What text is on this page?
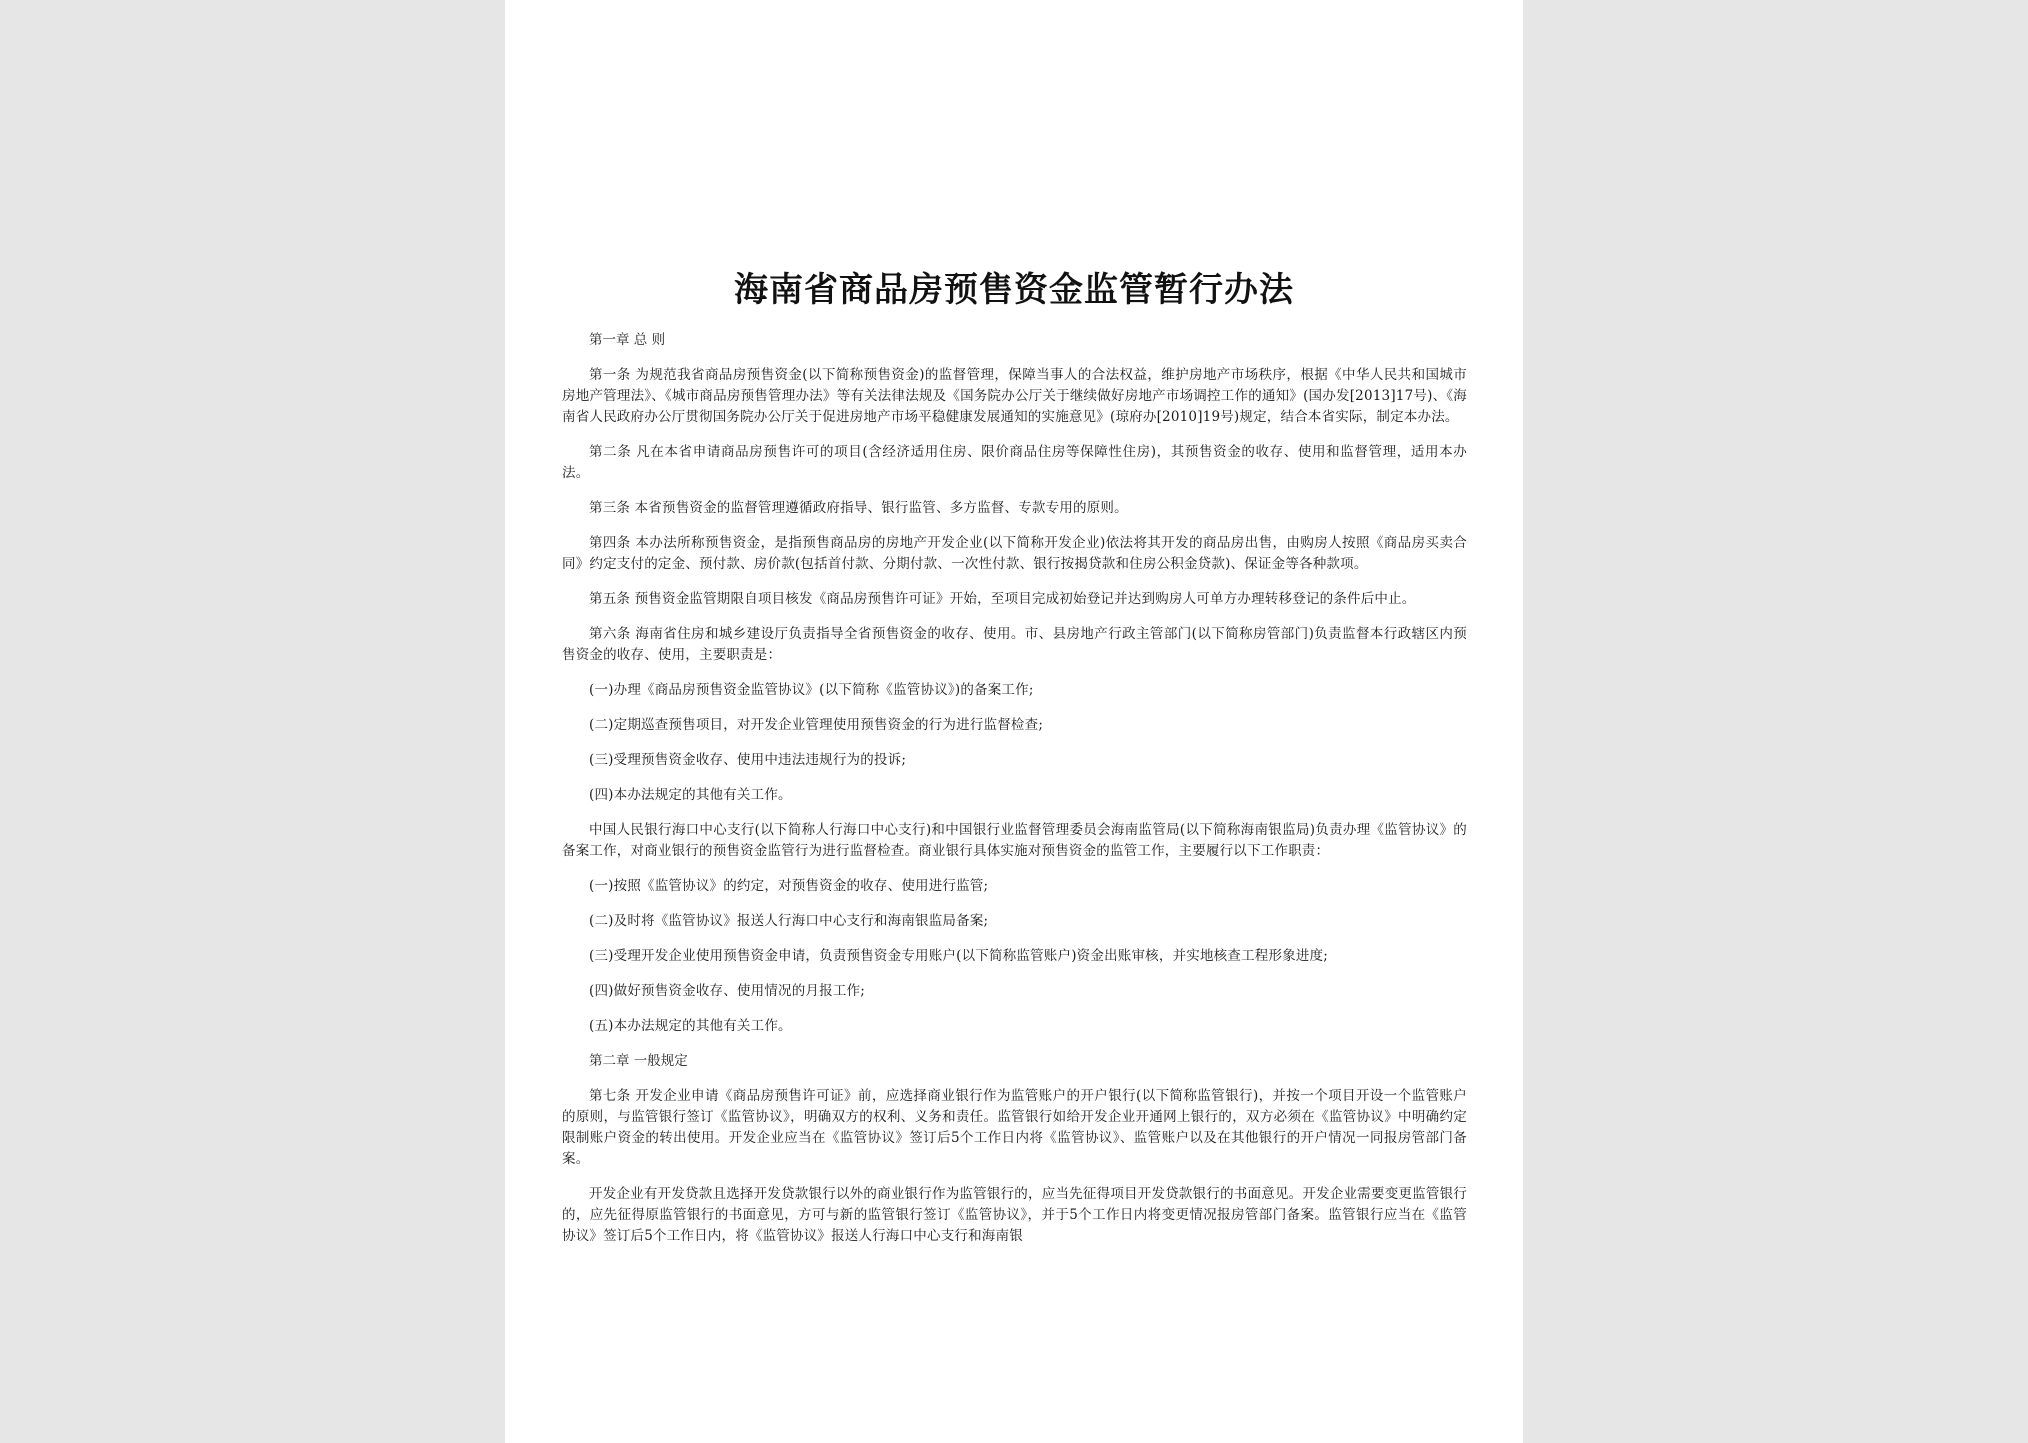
海南省商品房预售资金监管暂行办法

第一章 总 则

第一条 为规范我省商品房预售资金(以下简称预售资金)的监督管理，保障当事人的合法权益，维护房地产市场秩序，根据《中华人民共和国城市房地产管理法》、《城市商品房预售管理办法》等有关法律法规及《国务院办公厅关于继续做好房地产市场调控工作的通知》(国办发[2013]17号)、《海南省人民政府办公厅贯彻国务院办公厅关于促进房地产市场平稳健康发展通知的实施意见》(琼府办[2010]19号)规定，结合本省实际，制定本办法。

第二条 凡在本省申请商品房预售许可的项目(含经济适用住房、限价商品住房等保障性住房)，其预售资金的收存、使用和监督管理，适用本办法。

第三条 本省预售资金的监督管理遵循政府指导、银行监管、多方监督、专款专用的原则。

第四条 本办法所称预售资金，是指预售商品房的房地产开发企业(以下简称开发企业)依法将其开发的商品房出售，由购房人按照《商品房买卖合同》约定支付的定金、预付款、房价款(包括首付款、分期付款、一次性付款、银行按揭贷款和住房公积金贷款)、保证金等各种款项。

第五条 预售资金监管期限自项目核发《商品房预售许可证》开始，至项目完成初始登记并达到购房人可单方办理转移登记的条件后中止。

第六条 海南省住房和城乡建设厅负责指导全省预售资金的收存、使用。市、县房地产行政主管部门(以下简称房管部门)负责监督本行政辖区内预售资金的收存、使用，主要职责是：

(一)办理《商品房预售资金监管协议》(以下简称《监管协议》)的备案工作;

(二)定期巡查预售项目，对开发企业管理使用预售资金的行为进行监督检查;

(三)受理预售资金收存、使用中违法违规行为的投诉;

(四)本办法规定的其他有关工作。

中国人民银行海口中心支行(以下简称人行海口中心支行)和中国银行业监督管理委员会海南监管局(以下简称海南银监局)负责办理《监管协议》的备案工作，对商业银行的预售资金监管行为进行监督检查。商业银行具体实施对预售资金的监管工作，主要履行以下工作职责：

(一)按照《监管协议》的约定，对预售资金的收存、使用进行监管;

(二)及时将《监管协议》报送人行海口中心支行和海南银监局备案;

(三)受理开发企业使用预售资金申请，负责预售资金专用账户(以下简称监管账户)资金出账审核，并实地核查工程形象进度;

(四)做好预售资金收存、使用情况的月报工作;

(五)本办法规定的其他有关工作。

第二章 一般规定

第七条 开发企业申请《商品房预售许可证》前，应选择商业银行作为监管账户的开户银行(以下简称监管银行)，并按一个项目开设一个监管账户的原则，与监管银行签订《监管协议》，明确双方的权利、义务和责任。监管银行如给开发企业开通网上银行的，双方必须在《监管协议》中明确约定限制账户资金的转出使用。开发企业应当在《监管协议》签订后5个工作日内将《监管协议》、监管账户以及在其他银行的开户情况一同报房管部门备案。

开发企业有开发贷款且选择开发贷款银行以外的商业银行作为监管银行的，应当先征得项目开发贷款银行的书面意见。开发企业需要变更监管银行的，应先征得原监管银行的书面意见，方可与新的监管银行签订《监管协议》，并于5个工作日内将变更情况报房管部门备案。监管银行应当在《监管协议》签订后5个工作日内，将《监管协议》报送人行海口中心支行和海南银
